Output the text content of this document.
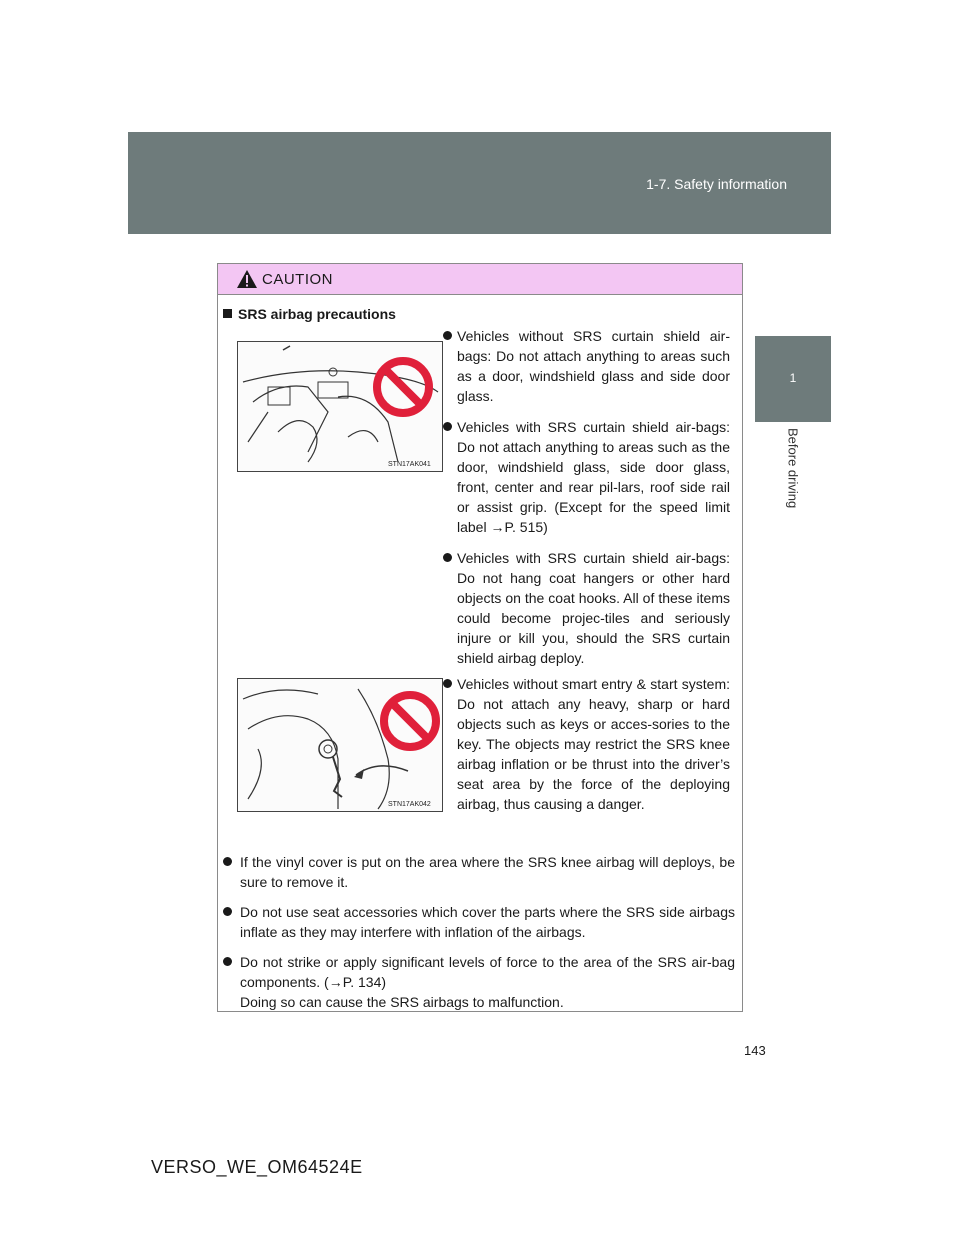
1-7. Safety information
1
Before driving
CAUTION
SRS airbag precautions
STN17AK041
STN17AK042
Vehicles without SRS curtain shield air-bags: Do not attach anything to areas such as a door, windshield glass and side door glass.
Vehicles with SRS curtain shield air-bags: Do not attach anything to areas such as the door, windshield glass, side door glass, front, center and rear pil-lars, roof side rail or assist grip. (Except for the speed limit label →P. 515)
Vehicles with SRS curtain shield air-bags: Do not hang coat hangers or other hard objects on the coat hooks. All of these items could become projec-tiles and seriously injure or kill you, should the SRS curtain shield airbag deploy.
Vehicles without smart entry & start system: Do not attach any heavy, sharp or hard objects such as keys or acces-sories to the key. The objects may restrict the SRS knee airbag inflation or be thrust into the driver’s seat area by the force of the deploying airbag, thus causing a danger.
If the vinyl cover is put on the area where the SRS knee airbag will deploys, be sure to remove it.
Do not use seat accessories which cover the parts where the SRS side airbags inflate as they may interfere with inflation of the airbags.
Do not strike or apply significant levels of force to the area of the SRS air-bag components. (→P. 134)
Doing so can cause the SRS airbags to malfunction.
143
VERSO_WE_OM64524E
